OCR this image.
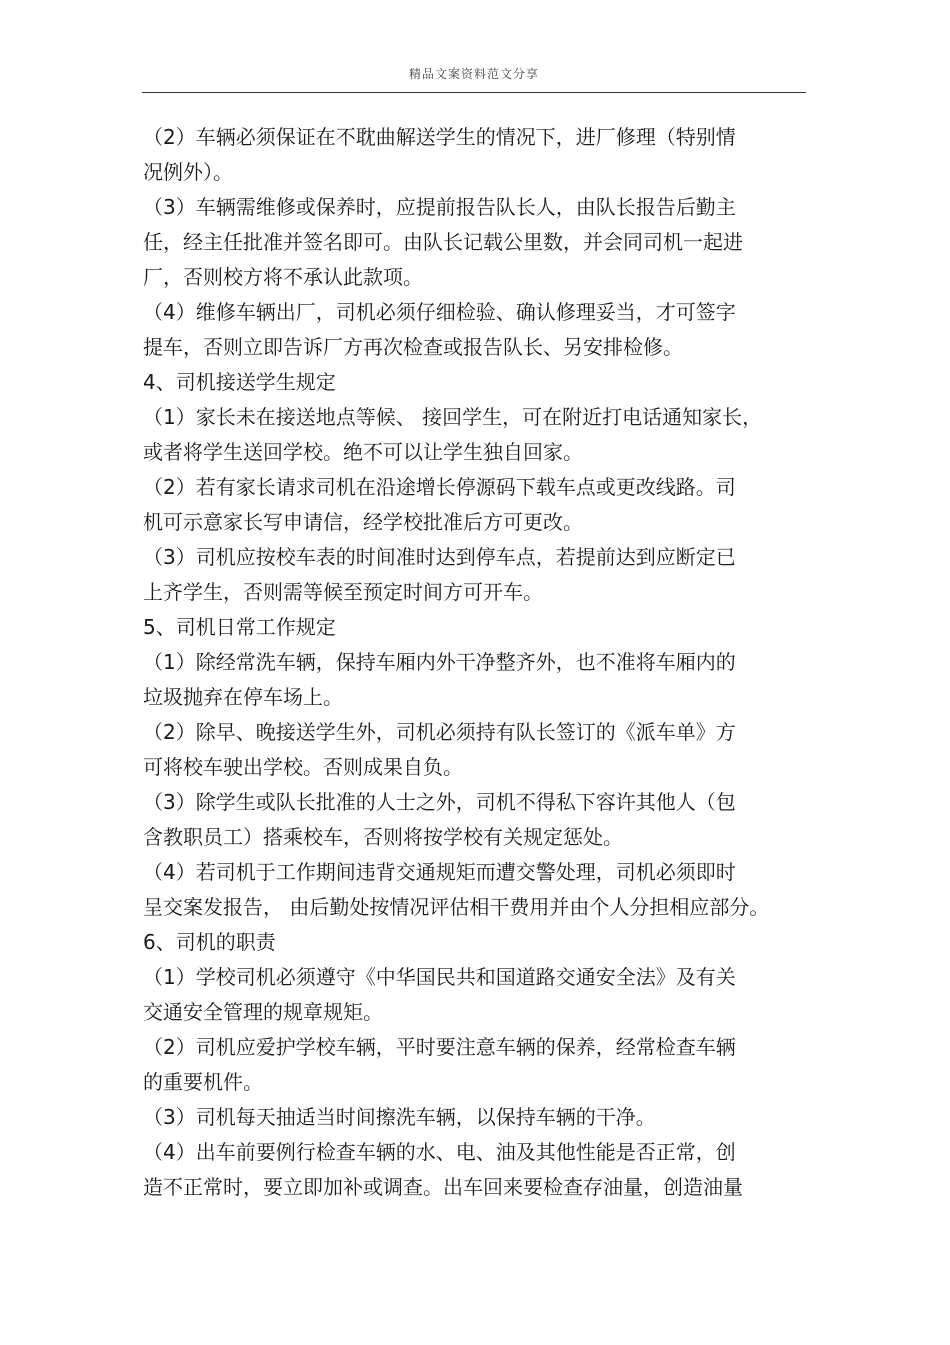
精品文案资料范文分享
（2）车辆必须保证在不耽曲解送学生的情况下，进厂修理（特别情
况例外）。
（3）车辆需维修或保养时，应提前报告队长人，由队长报告后勤主
任，经主任批准并签名即可。由队长记载公里数，并会同司机一起进
厂，否则校方将不承认此款项。
（4）维修车辆出厂，司机必须仔细检验、确认修理妥当，才可签字
提车，否则立即告诉厂方再次检查或报告队长、另安排检修。
4、司机接送学生规定
（1）家长未在接送地点等候、 接回学生，可在附近打电话通知家长，
或者将学生送回学校。绝不可以让学生独自回家。
（2）若有家长请求司机在沿途增长停源码下载车点或更改线路。司
机可示意家长写申请信，经学校批准后方可更改。
（3）司机应按校车表的时间准时达到停车点，若提前达到应断定已
上齐学生，否则需等候至预定时间方可开车。
5、司机日常工作规定
（1）除经常洗车辆，保持车厢内外干净整齐外，也不准将车厢内的
垃圾抛弃在停车场上。
（2）除早、晚接送学生外，司机必须持有队长签订的《派车单》方
可将校车驶出学校。否则成果自负。
（3）除学生或队长批准的人士之外，司机不得私下容许其他人（包
含教职员工）搭乘校车，否则将按学校有关规定惩处。
（4）若司机于工作期间违背交通规矩而遭交警处理，司机必须即时
呈交案发报告， 由后勤处按情况评估相干费用并由个人分担相应部分。
6、司机的职责
（1）学校司机必须遵守《中华国民共和国道路交通安全法》及有关
交通安全管理的规章规矩。
（2）司机应爱护学校车辆，平时要注意车辆的保养，经常检查车辆
的重要机件。
（3）司机每天抽适当时间擦洗车辆，以保持车辆的干净。
（4）出车前要例行检查车辆的水、电、油及其他性能是否正常，创
造不正常时，要立即加补或调查。出车回来要检查存油量，创造油量
